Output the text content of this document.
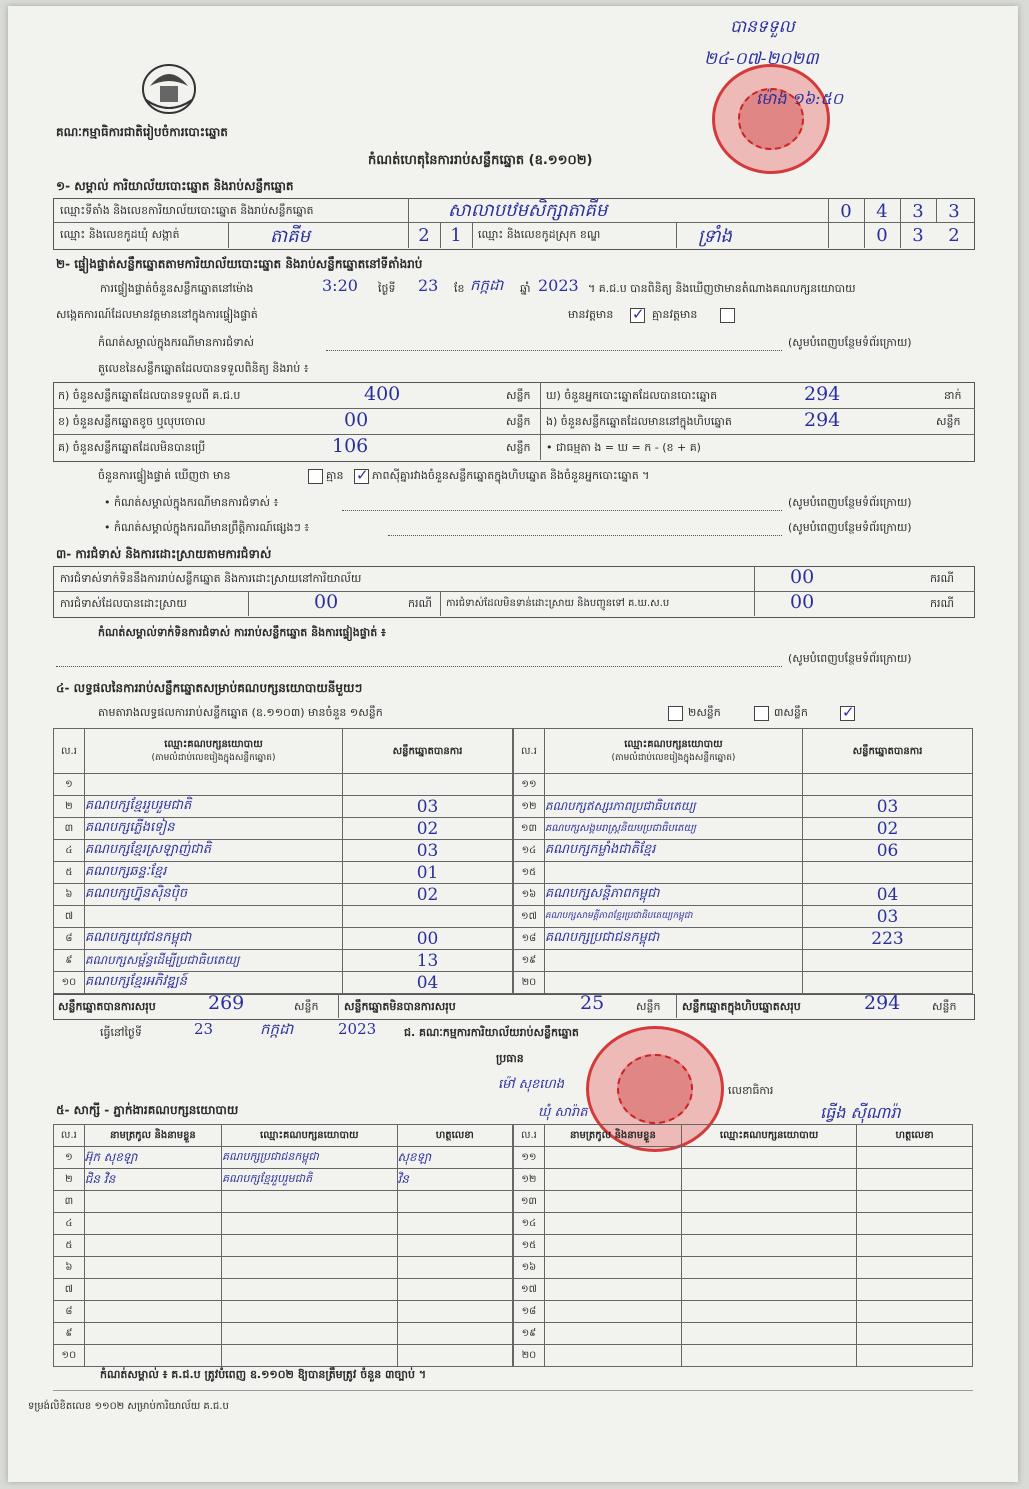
គណៈកម្មាធិការជាតិរៀបចំការបោះឆ្នោត
បានទទួល
២៤-០៧-២០២៣
ម៉ោង ១៦:៥០
កំណត់ហេតុនៃការរាប់សន្លឹកឆ្នោត (ឧ.១១០២)
១- សម្គាល់ ការិយាល័យបោះឆ្នោត និងរាប់សន្លឹកឆ្នោត
ឈ្មោះទីតាំង និងលេខការិយាល័យបោះឆ្នោត និងរាប់សន្លឹកឆ្នោត	សាលាបឋមសិក្សាតាគីម	0	4	3	3
ឈ្មោះ និងលេខកូដឃុំ សង្កាត់	តាគីម	2	1	ឈ្មោះ និងលេខកូដស្រុក ខណ្ឌ	ទ្រាំង	0	3	2
២- ផ្ទៀងផ្ទាត់សន្លឹកឆ្នោតតាមការិយាល័យបោះឆ្នោត និងរាប់សន្លឹកឆ្នោតនៅទីតាំងរាប់
ការផ្ទៀងផ្ទាត់ចំនួនសន្លឹកឆ្នោតនៅម៉ោង	3:20 ថ្ងៃទី 23 ខែ កក្កដា ឆ្នាំ 2023 ។ គ.ជ.ប បានពិនិត្យ និងឃើញថាមានតំណាងគណបក្សនយោបាយ
សង្កេតការណ៍ដែលមានវត្តមាននៅក្នុងការផ្ទៀងផ្ទាត់	មានវត្តមាន ✓ គ្មានវត្តមាន
កំណត់សម្គាល់ក្នុងករណីមានការជំទាស់	(សូមបំពេញបន្ថែមទំព័រក្រោយ)
តួលេខនៃសន្លឹកឆ្នោតដែលបានទទួលពិនិត្យ និងរាប់ ៖
ក) ចំនួនសន្លឹកឆ្នោតដែលបានទទួលពី គ.ជ.ប	400	សន្លឹក ឃ) ចំនួនអ្នកបោះឆ្នោតដែលបានបោះឆ្នោត	294	នាក់
ខ) ចំនួនសន្លឹកឆ្នោតខូច ឬលុបចោល	00	សន្លឹក ង) ចំនួនសន្លឹកឆ្នោតដែលមាននៅក្នុងហិបឆ្នោត	294	សន្លឹក
គ) ចំនួនសន្លឹកឆ្នោតដែលមិនបានប្រើ	106	សន្លឹក • ជាធម្មតា ង = ឃ = ក - (ខ + គ)
ចំនួនការផ្ទៀងផ្ទាត់ ឃើញថា មាន	គ្មាន ✓ ភាពស៊ីគ្នារវាងចំនួនសន្លឹកឆ្នោតក្នុងហិបឆ្នោត និងចំនួនអ្នកបោះឆ្នោត ។
• កំណត់សម្គាល់ក្នុងករណីមានការជំទាស់ ៖	(សូមបំពេញបន្ថែមទំព័រក្រោយ)
• កំណត់សម្គាល់ក្នុងករណីមានព្រឹត្តិការណ៍ផ្សេងៗ ៖	(សូមបំពេញបន្ថែមទំព័រក្រោយ)
៣- ការជំទាស់ និងការដោះស្រាយតាមការជំទាស់
ការជំទាស់ទាក់ទិននឹងការរាប់សន្លឹកឆ្នោត និងការដោះស្រាយនៅការិយាល័យ	00	ករណី
ការជំទាស់ដែលបានដោះស្រាយ	00	ករណី ការជំទាស់ដែលមិនទាន់ដោះស្រាយ និងបញ្ជូនទៅ គ.ឃ.ស.ប	00	ករណី
កំណត់សម្គាល់ទាក់ទិនការជំទាស់ ការរាប់សន្លឹកឆ្នោត និងការផ្ទៀងផ្ទាត់ ៖
(សូមបំពេញបន្ថែមទំព័រក្រោយ)
៤- លទ្ធផលនៃការរាប់សន្លឹកឆ្នោតសម្រាប់គណបក្សនយោបាយនីមួយៗ
តាមតារាងលទ្ធផលការរាប់សន្លឹកឆ្នោត (ឧ.១១០៣) មានចំនួន ១សន្លឹក	២សន្លឹក	៣សន្លឹក ✓
ល.រ	ឈ្មោះគណបក្សនយោបាយ
(តាមលំដាប់លេខរៀងក្នុងសន្លឹកឆ្នោត)	សន្លឹកឆ្នោតបានការ
១		
២	គណបក្សខ្មែររួបរួមជាតិ	03
៣	គណបក្សភ្លើងទៀន	02
៤	គណបក្សខ្មែរស្រឡាញ់ជាតិ	03
៥	គណបក្សឆន្ទៈខ្មែរ	01
៦	គណបក្សហ្វ៊ុនស៊ិនប៉ិច	02
៧		
៨	គណបក្សយុវជនកម្ពុជា	00
៩	គណបក្សសម្ព័ន្ធដើម្បីប្រជាធិបតេយ្យ	13
១០	គណបក្សខ្មែរអភិវឌ្ឍន៍	04
ល.រ	ឈ្មោះគណបក្សនយោបាយ
(តាមលំដាប់លេខរៀងក្នុងសន្លឹកឆ្នោត)	សន្លឹកឆ្នោតបានការ
១១		
១២	គណបក្សឥស្សរភាពប្រជាធិបតេយ្យ	03
១៣	គណបក្សសង្គមរាស្ត្រនិយមប្រជាធិបតេយ្យ	02
១៤	គណបក្សកម្លាំងជាតិខ្មែរ	06
១៥		
១៦	គណបក្សសន្តិភាពកម្ពុជា	04
១៧	គណបក្សសាមគ្គីភាពខ្មែរប្រជាធិបតេយ្យកម្ពុជា	03
១៨	គណបក្សប្រជាជនកម្ពុជា	223
១៩		
២០		
សន្លឹកឆ្នោតបានការសរុប	269	សន្លឹក សន្លឹកឆ្នោតមិនបានការសរុប	25	សន្លឹក សន្លឹកឆ្នោតក្នុងហិបឆ្នោតសរុប	294	សន្លឹក
ធ្វើនៅថ្ងៃទី	23	កក្កដា	2023	ជ. គណៈកម្មការការិយាល័យរាប់សន្លឹកឆ្នោត
ប្រធាន
ម៉ៅ សុខហេង
ឃុំ សារ៉ាត
លេខាធិការ
ធ្វើង ស៊ីណារ៉ា
៥- សាក្សី - ភ្នាក់ងារគណបក្សនយោបាយ
ល.រ	នាមត្រកូល និងនាមខ្លួន	ឈ្មោះគណបក្សនយោបាយ	ហត្ថលេខា
១	អ៊ុក សុខឡា	គណបក្សប្រជាជនកម្ពុជា	សុខឡា
២	ជិន វិន	គណបក្សខ្មែររួបរួមជាតិ	វិន
៣			
៤			
៥			
៦			
៧			
៨			
៩			
១០			
ល.រ	នាមត្រកូល និងនាមខ្លួន	ឈ្មោះគណបក្សនយោបាយ	ហត្ថលេខា
១១			
១២			
១៣			
១៤			
១៥			
១៦			
១៧			
១៨			
១៩			
២០			
កំណត់សម្គាល់ ៖ គ.ជ.ប ត្រូវបំពេញ ឧ.១១០២ ឱ្យបានត្រឹមត្រូវ ចំនួន ៣ច្បាប់ ។
ទម្រង់លិខិតលេខ ១១០២ សម្រាប់ការិយាល័យ គ.ជ.ប
